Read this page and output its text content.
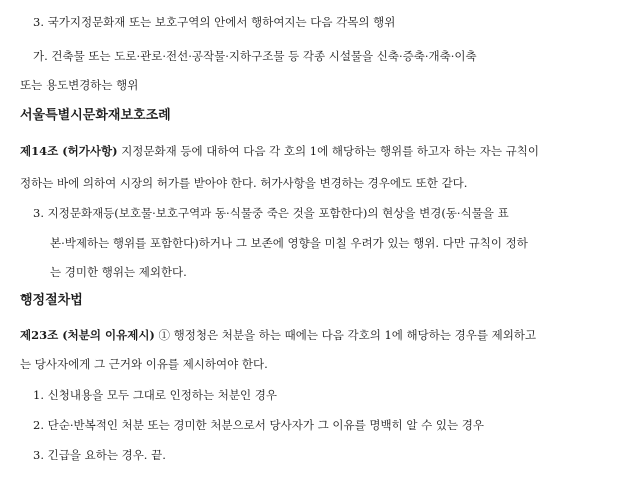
3. 국가지정문화재 또는 보호구역의 안에서 행하여지는 다음 각목의 행위
가. 건축물 또는 도로·관로·전선·공작물·지하구조물 등 각종 시설물을 신축·증축·개축·이축
또는 용도변경하는 행위
서울특별시문화재보호조례
제14조 (허가사항) 지정문화재 등에 대하여 다음 각 호의 1에 해당하는 행위를 하고자 하는 자는 규칙이
정하는 바에 의하여 시장의 허가를 받아야 한다. 허가사항을 변경하는 경우에도 또한 같다.
3. 지정문화재등(보호물·보호구역과 동·식물중 죽은 것을 포함한다)의 현상을 변경(동·식물을 표
본·박제하는 행위를 포함한다)하거나 그 보존에 영향을 미칠 우려가 있는 행위. 다만 규칙이 정하
는 경미한 행위는 제외한다.
행정절차법
제23조 (처분의 이유제시) ① 행정청은 처분을 하는 때에는 다음 각호의 1에 해당하는 경우를 제외하고
는 당사자에게 그 근거와 이유를 제시하여야 한다.
1. 신청내용을 모두 그대로 인정하는 처분인 경우
2. 단순·반복적인 처분 또는 경미한 처분으로서 당사자가 그 이유를 명백히 알 수 있는 경우
3. 긴급을 요하는 경우. 끝.
